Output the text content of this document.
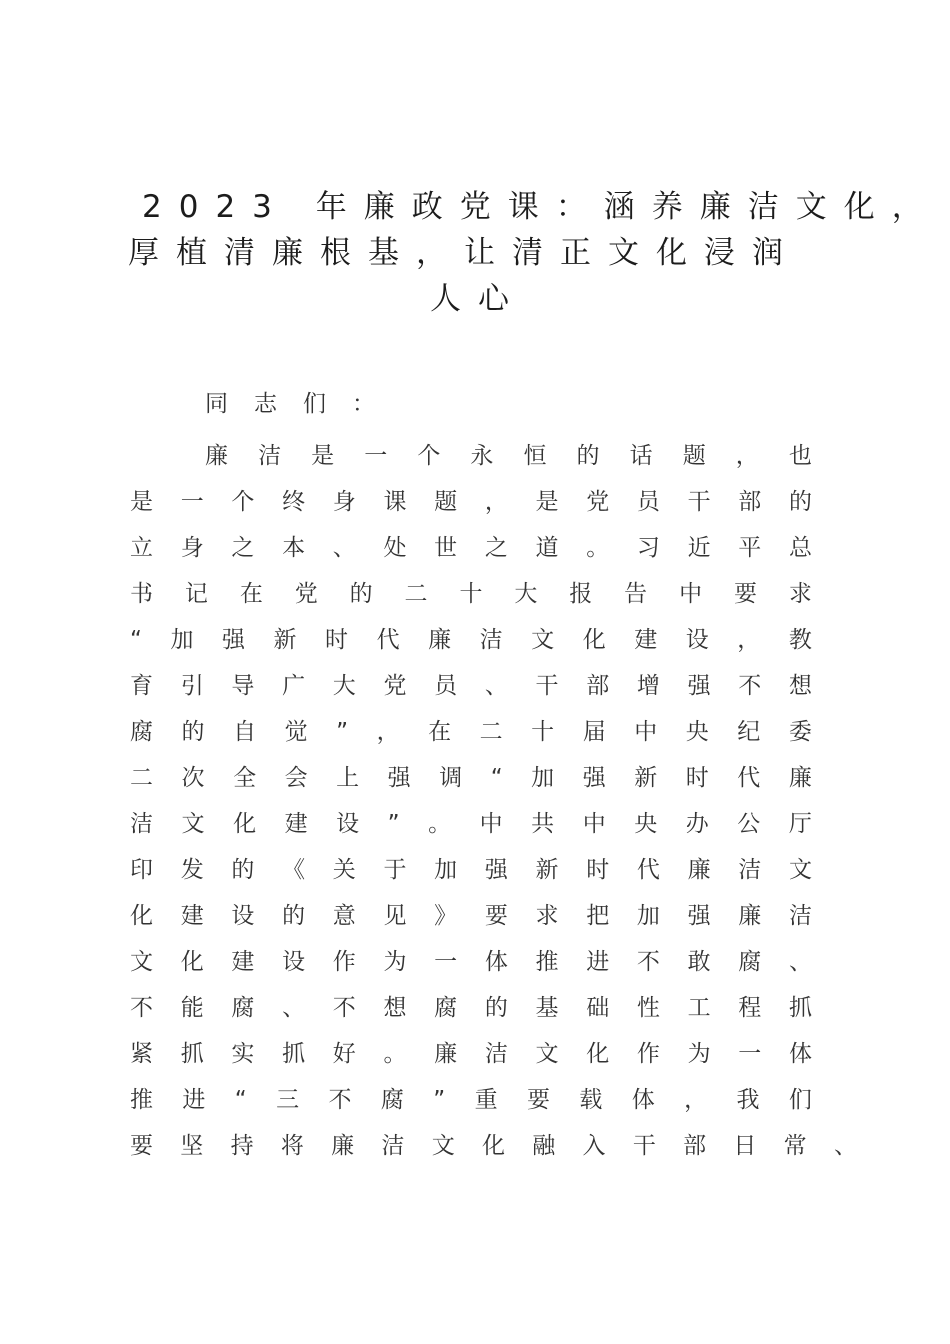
2023 年廉政党课：涵养廉洁文化，
厚植清廉根基，让清正文化浸润
人心
同志们：
廉 洁 是 一 个 永 恒 的 话 题 ， 也
是 一 个 终 身 课 题 ， 是 党 员 干 部 的
立 身 之 本 、 处 世 之 道 。 习 近 平 总
书 记 在 党 的 二 十 大 报 告 中 要 求
“ 加 强 新 时 代 廉 洁 文 化 建 设 ， 教
育 引 导 广 大 党 员 、 干 部 增 强 不 想
腐 的 自 觉 ” ， 在 二 十 届 中 央 纪 委
二 次 全 会 上 强 调 “ 加 强 新 时 代 廉
洁 文 化 建 设 ” 。 中 共 中 央 办 公 厅
印 发 的 《 关 于 加 强 新 时 代 廉 洁 文
化 建 设 的 意 见 》 要 求 把 加 强 廉 洁
文 化 建 设 作 为 一 体 推 进 不 敢 腐 、
不 能 腐 、 不 想 腐 的 基 础 性 工 程 抓
紧 抓 实 抓 好 。 廉 洁 文 化 作 为 一 体
推 进 “ 三 不 腐 ” 重 要 载 体 ， 我 们
要 坚 持 将 廉 洁 文 化 融 入 干 部 日 常 、
